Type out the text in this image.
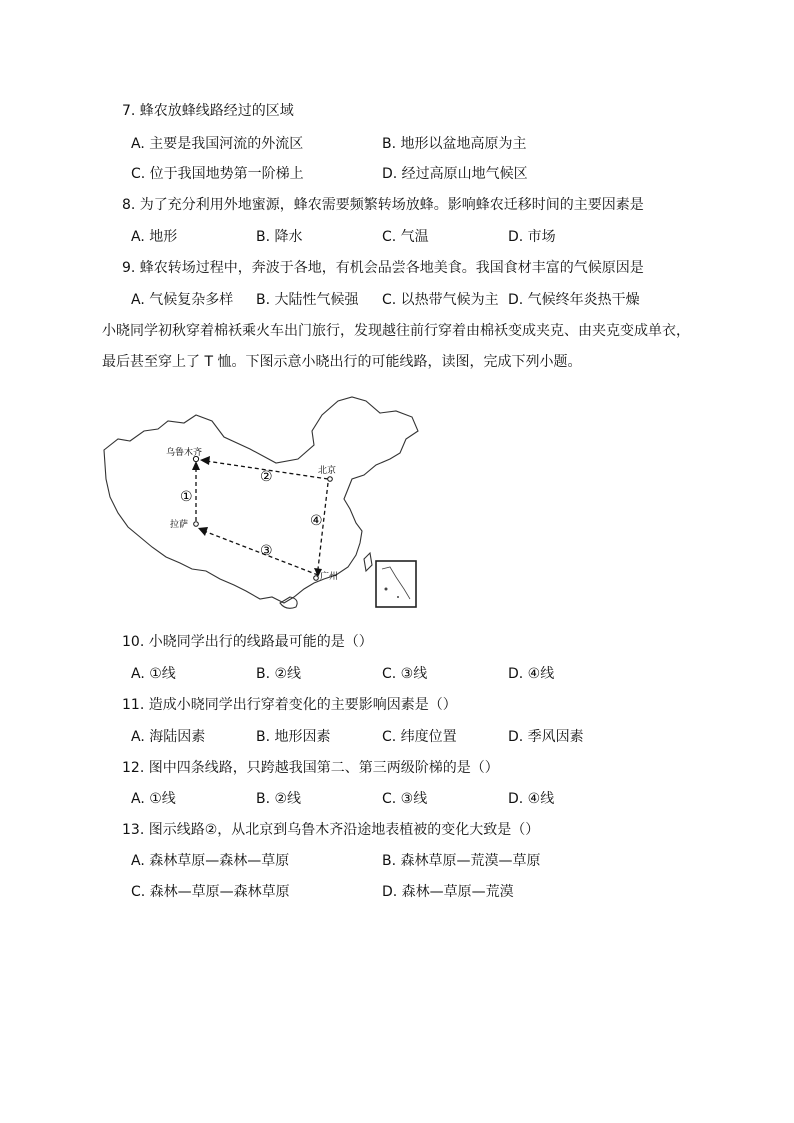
7. 蜂农放蜂线路经过的区域
A. 主要是我国河流的外流区	B. 地形以盆地高原为主
C. 位于我国地势第一阶梯上	D. 经过高原山地气候区
8. 为了充分利用外地蜜源，蜂农需要频繁转场放蜂。影响蜂农迁移时间的主要因素是
A. 地形	B. 降水	C. 气温	D. 市场
9. 蜂农转场过程中，奔波于各地，有机会品尝各地美食。我国食材丰富的气候原因是
A. 气候复杂多样 B. 大陆性气候强 C. 以热带气候为主 D. 气候终年炎热干燥
小晓同学初秋穿着棉袄乘火车出门旅行，发现越往前行穿着由棉袄变成夹克、由夹克变成单衣，
最后甚至穿上了 T 恤。下图示意小晓出行的可能线路，读图，完成下列小题。
乌鲁木齐
北京
拉萨
广州
①
②
③
④
10. 小晓同学出行的线路最可能的是（）
A. ①线	B. ②线	C. ③线	D. ④线
11. 造成小晓同学出行穿着变化的主要影响因素是（）
A. 海陆因素	B. 地形因素	C. 纬度位置	D. 季风因素
12. 图中四条线路，只跨越我国第二、第三两级阶梯的是（）
A. ①线	B. ②线	C. ③线	D. ④线
13. 图示线路②，从北京到乌鲁木齐沿途地表植被的变化大致是（）
A. 森林草原—森林—草原	B. 森林草原—荒漠—草原
C. 森林—草原—森林草原	D. 森林—草原—荒漠
